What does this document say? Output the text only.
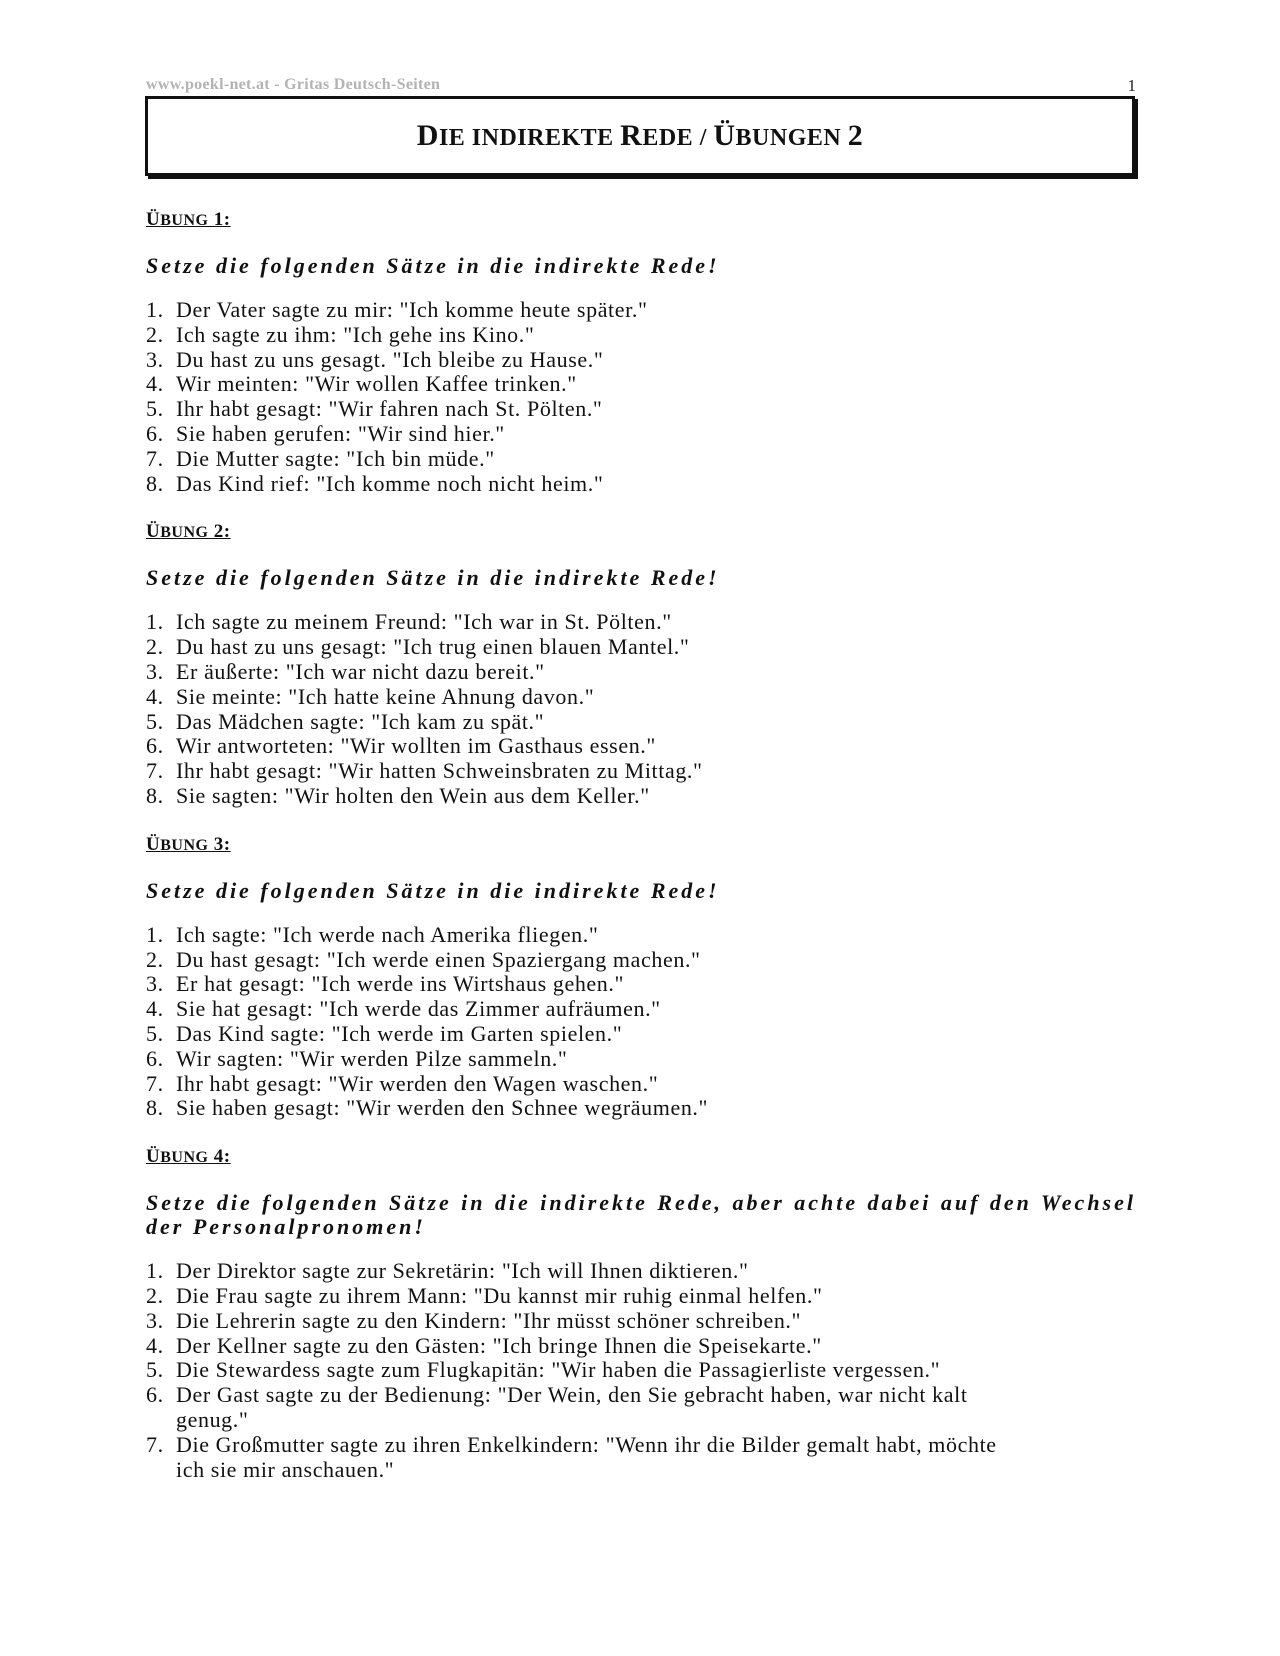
www.poekl-net.at - Gritas Deutsch-Seiten	1
DIE INDIREKTE REDE / ÜBUNGEN 2
ÜBUNG 1:
Setze die folgenden Sätze in die indirekte Rede!
1. Der Vater sagte zu mir: "Ich komme heute später."
2. Ich sagte zu ihm: "Ich gehe ins Kino."
3. Du hast zu uns gesagt. "Ich bleibe zu Hause."
4. Wir meinten: "Wir wollen Kaffee trinken."
5. Ihr habt gesagt: "Wir fahren nach St. Pölten."
6. Sie haben gerufen: "Wir sind hier."
7. Die Mutter sagte: "Ich bin müde."
8. Das Kind rief: "Ich komme noch nicht heim."
ÜBUNG 2:
Setze die folgenden Sätze in die indirekte Rede!
1. Ich sagte zu meinem Freund: "Ich war in St. Pölten."
2. Du hast zu uns gesagt: "Ich trug einen blauen Mantel."
3. Er äußerte: "Ich war nicht dazu bereit."
4. Sie meinte: "Ich hatte keine Ahnung davon."
5. Das Mädchen sagte: "Ich kam zu spät."
6. Wir antworteten: "Wir wollten im Gasthaus essen."
7. Ihr habt gesagt: "Wir hatten Schweinsbraten zu Mittag."
8. Sie sagten: "Wir holten den Wein aus dem Keller."
ÜBUNG 3:
Setze die folgenden Sätze in die indirekte Rede!
1. Ich sagte: "Ich werde nach Amerika fliegen."
2. Du hast gesagt: "Ich werde einen Spaziergang machen."
3. Er hat gesagt: "Ich werde ins Wirtshaus gehen."
4. Sie hat gesagt: "Ich werde das Zimmer aufräumen."
5. Das Kind sagte: "Ich werde im Garten spielen."
6. Wir sagten: "Wir werden Pilze sammeln."
7. Ihr habt gesagt: "Wir werden den Wagen waschen."
8. Sie haben gesagt: "Wir werden den Schnee wegräumen."
ÜBUNG 4:
Setze die folgenden Sätze in die indirekte Rede, aber achte dabei auf den Wechsel der Personalpronomen!
1. Der Direktor sagte zur Sekretärin: "Ich will Ihnen diktieren."
2. Die Frau sagte zu ihrem Mann: "Du kannst mir ruhig einmal helfen."
3. Die Lehrerin sagte zu den Kindern: "Ihr müsst schöner schreiben."
4. Der Kellner sagte zu den Gästen: "Ich bringe Ihnen die Speisekarte."
5. Die Stewardess sagte zum Flugkapitän: "Wir haben die Passagierliste vergessen."
6. Der Gast sagte zu der Bedienung: "Der Wein, den Sie gebracht haben, war nicht kalt genug."
7. Die Großmutter sagte zu ihren Enkelkindern: "Wenn ihr die Bilder gemalt habt, möchte ich sie mir anschauen."
